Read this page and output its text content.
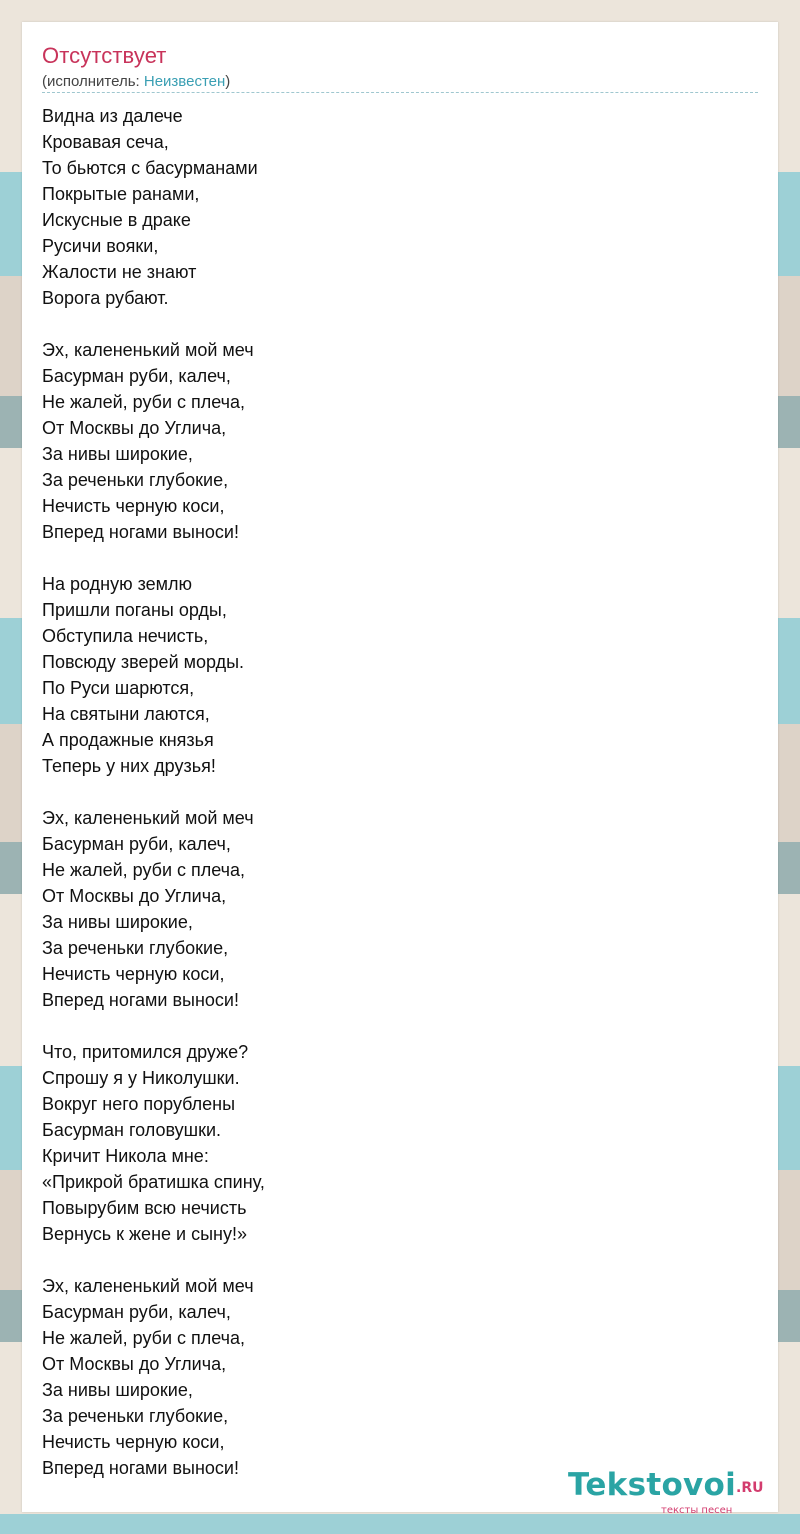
Отсутствует
(исполнитель: Неизвестен)
Видна из далече
Кровавая сеча,
То бьются с басурманами
Покрытые ранами,
Искусные в драке
Русичи вояки,
Жалости не знают
Ворога рубают.
Эх, калененький мой меч
Басурман руби, калеч,
Не жалей, руби с плеча,
От Москвы до Углича,
За нивы широкие,
За реченьки глубокие,
Нечисть черную коси,
Вперед ногами выноси!
На родную землю
Пришли поганы орды,
Обступила нечисть,
Повсюду зверей морды.
По Руси шарются,
На святыни лаются,
А продажные князья
Теперь у них друзья!
Эх, калененький мой меч
Басурман руби, калеч,
Не жалей, руби с плеча,
От Москвы до Углича,
За нивы широкие,
За реченьки глубокие,
Нечисть черную коси,
Вперед ногами выноси!
Что, притомился друже?
Спрошу я у Николушки.
Вокруг него порублены
Басурман головушки.
Кричит Никола мне:
«Прикрой братишка спину,
Повырубим всю нечисть
Вернусь к жене и сыну!»
Эх, калененький мой меч
Басурман руби, калеч,
Не жалей, руби с плеча,
От Москвы до Углича,
За нивы широкие,
За реченьки глубокие,
Нечисть черную коси,
Вперед ногами выноси!	Tekstovoi .RU
тексты песен
